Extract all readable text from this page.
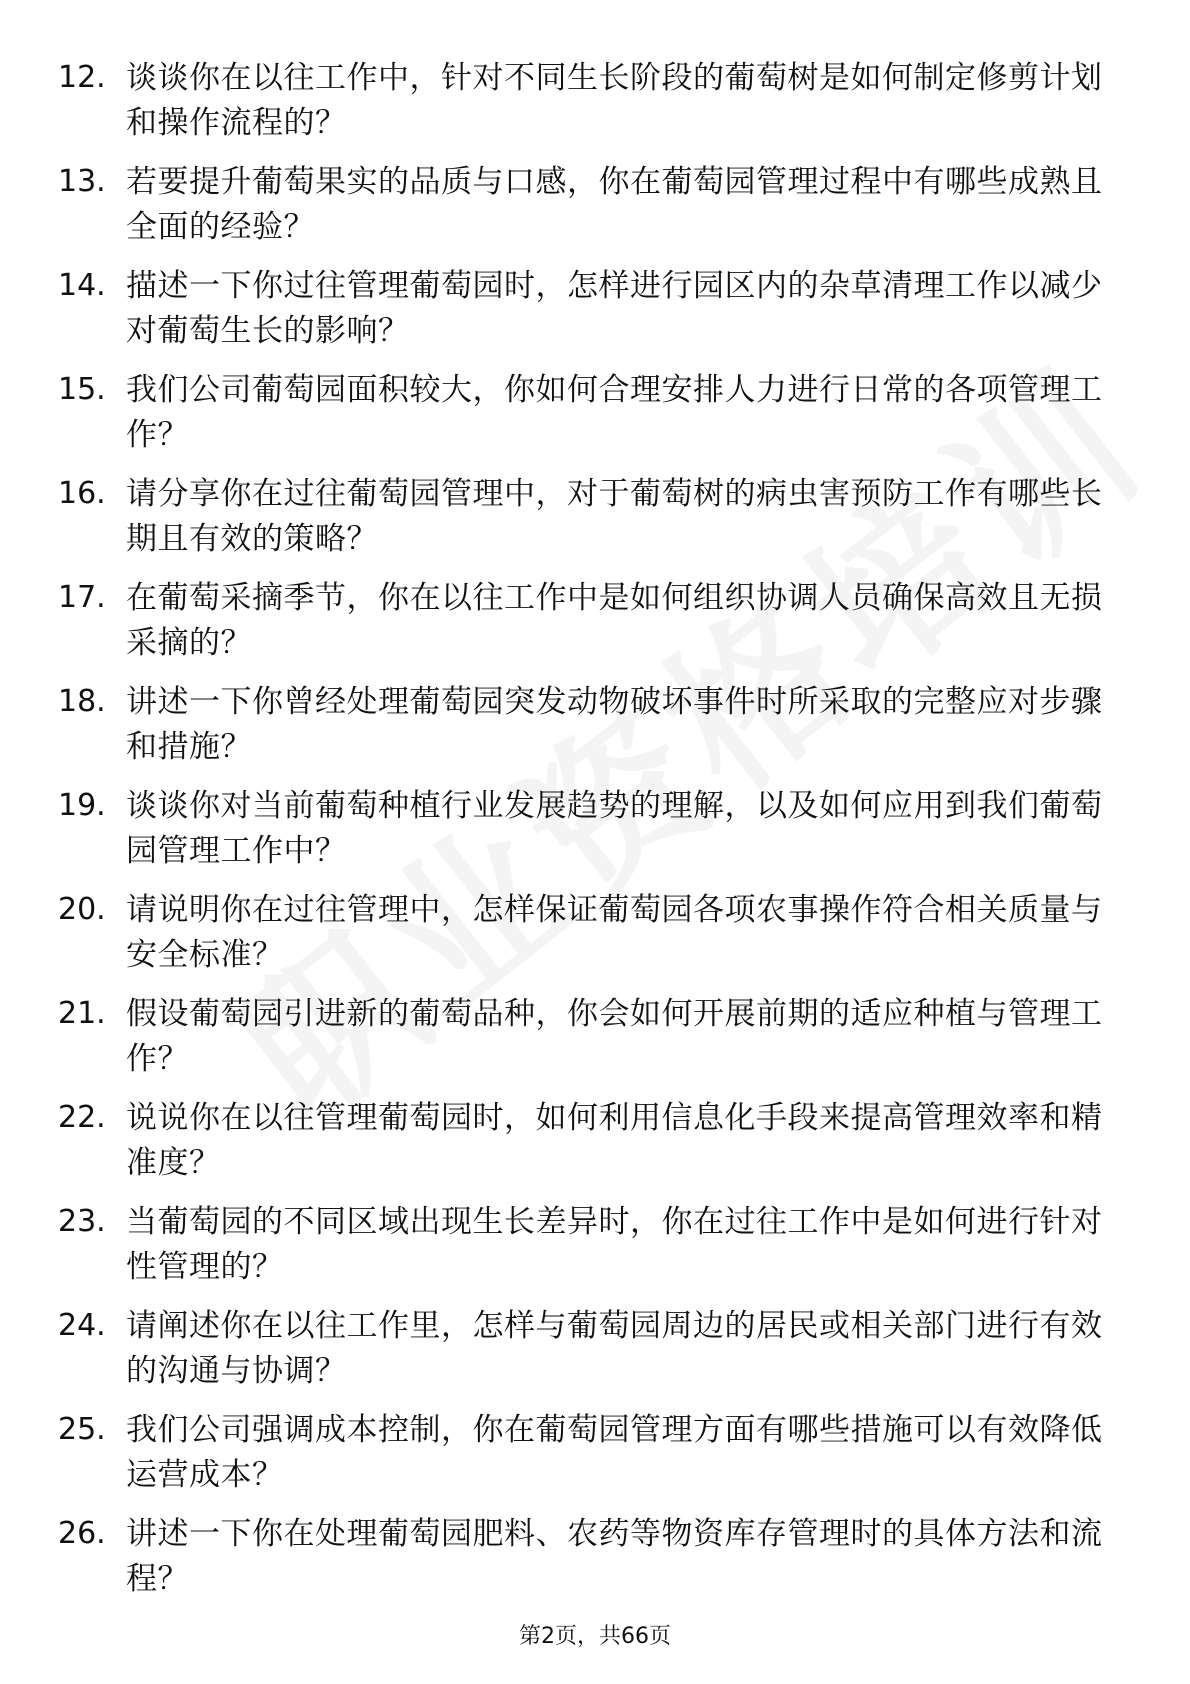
12. 谈谈你在以往工作中，针对不同生长阶段的葡萄树是如何制定修剪计划和操作流程的？
13. 若要提升葡萄果实的品质与口感，你在葡萄园管理过程中有哪些成熟且全面的经验？
14. 描述一下你过往管理葡萄园时，怎样进行园区内的杂草清理工作以减少对葡萄生长的影响？
15. 我们公司葡萄园面积较大，你如何合理安排人力进行日常的各项管理工作？
16. 请分享你在过往葡萄园管理中，对于葡萄树的病虫害预防工作有哪些长期且有效的策略？
17. 在葡萄采摘季节，你在以往工作中是如何组织协调人员确保高效且无损采摘的？
18. 讲述一下你曾经处理葡萄园突发动物破坏事件时所采取的完整应对步骤和措施？
19. 谈谈你对当前葡萄种植行业发展趋势的理解，以及如何应用到我们葡萄园管理工作中？
20. 请说明你在过往管理中，怎样保证葡萄园各项农事操作符合相关质量与安全标准？
21. 假设葡萄园引进新的葡萄品种，你会如何开展前期的适应种植与管理工作？
22. 说说你在以往管理葡萄园时，如何利用信息化手段来提高管理效率和精准度？
23. 当葡萄园的不同区域出现生长差异时，你在过往工作中是如何进行针对性管理的？
24. 请阐述你在以往工作里，怎样与葡萄园周边的居民或相关部门进行有效的沟通与协调？
25. 我们公司强调成本控制，你在葡萄园管理方面有哪些措施可以有效降低运营成本？
26. 讲述一下你在处理葡萄园肥料、农药等物资库存管理时的具体方法和流程？
第2页，共66页
